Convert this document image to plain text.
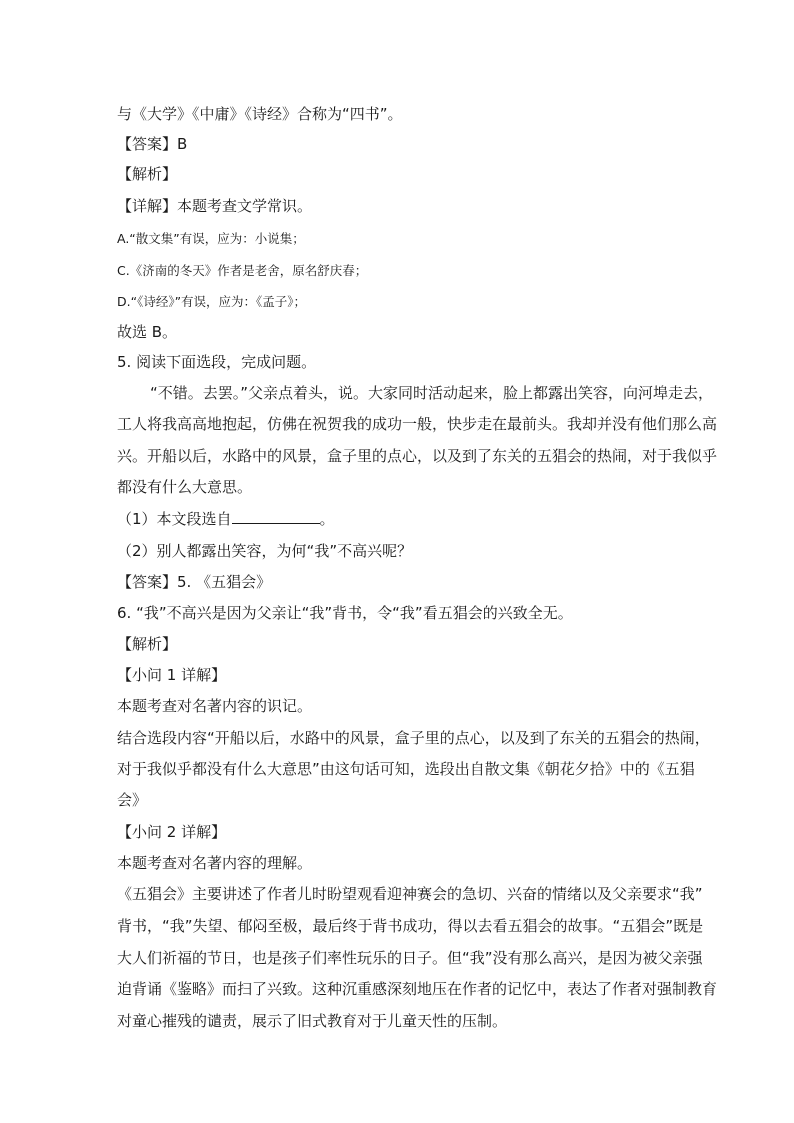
与《大学》《中庸》《诗经》合称为“四书”。
【答案】B
【解析】
【详解】本题考查文学常识。
A.“散文集”有误，应为：小说集；
C.《济南的冬天》作者是老舍，原名舒庆春；
D.“《诗经》”有误，应为：《孟子》；
故选 B。
5. 阅读下面选段，完成问题。
“不错。去罢。”父亲点着头，说。大家同时活动起来，脸上都露出笑容，向河埠走去，
工人将我高高地抱起，仿佛在祝贺我的成功一般，快步走在最前头。我却并没有他们那么高
兴。开船以后，水路中的风景，盒子里的点心，以及到了东关的五猖会的热闹，对于我似乎
都没有什么大意思。
（1）本文段选自	。
（2）别人都露出笑容，为何“我”不高兴呢？
【答案】5. 《五猖会》
6. “我”不高兴是因为父亲让“我”背书，令“我”看五猖会的兴致全无。
【解析】
【小问 1 详解】
本题考查对名著内容的识记。
结合选段内容“开船以后，水路中的风景，盒子里的点心，以及到了东关的五猖会的热闹，
对于我似乎都没有什么大意思”由这句话可知，选段出自散文集《朝花夕拾》中的《五猖
会》
【小问 2 详解】
本题考查对名著内容的理解。
《五猖会》主要讲述了作者儿时盼望观看迎神赛会的急切、兴奋的情绪以及父亲要求“我”
背书，“我”失望、郁闷至极，最后终于背书成功，得以去看五猖会的故事。“五猖会”既是
大人们祈福的节日，也是孩子们率性玩乐的日子。但“我”没有那么高兴，是因为被父亲强
迫背诵《鉴略》而扫了兴致。这种沉重感深刻地压在作者的记忆中，表达了作者对强制教育
对童心摧残的谴责，展示了旧式教育对于儿童天性的压制。
